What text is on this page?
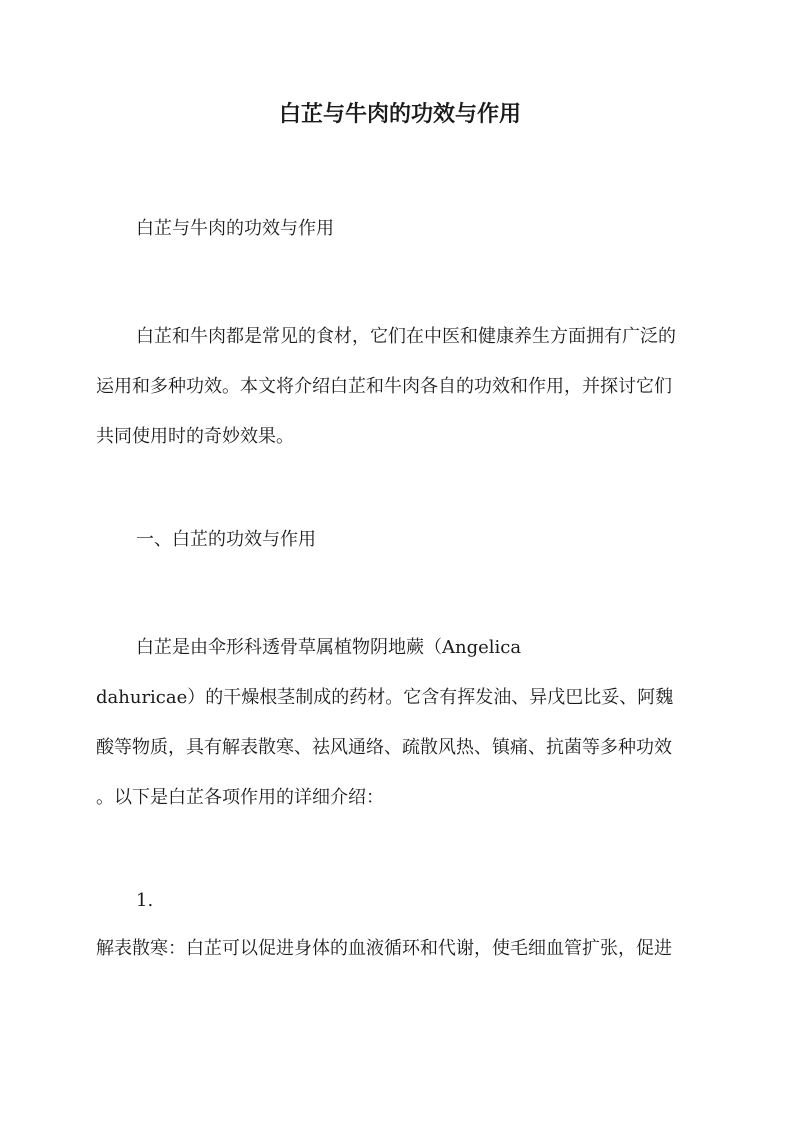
白芷与牛肉的功效与作用
白芷与牛肉的功效与作用
白芷和牛肉都是常见的食材，它们在中医和健康养生方面拥有广泛的
运用和多种功效。本文将介绍白芷和牛肉各自的功效和作用，并探讨它们
共同使用时的奇妙效果。
一、白芷的功效与作用
白芷是由伞形科透骨草属植物阴地蕨（Angelica
dahuricae）的干燥根茎制成的药材。它含有挥发油、异戊巴比妥、阿魏
酸等物质，具有解表散寒、祛风通络、疏散风热、镇痛、抗菌等多种功效
。以下是白芷各项作用的详细介绍：
1.
解表散寒：白芷可以促进身体的血液循环和代谢，使毛细血管扩张，促进
